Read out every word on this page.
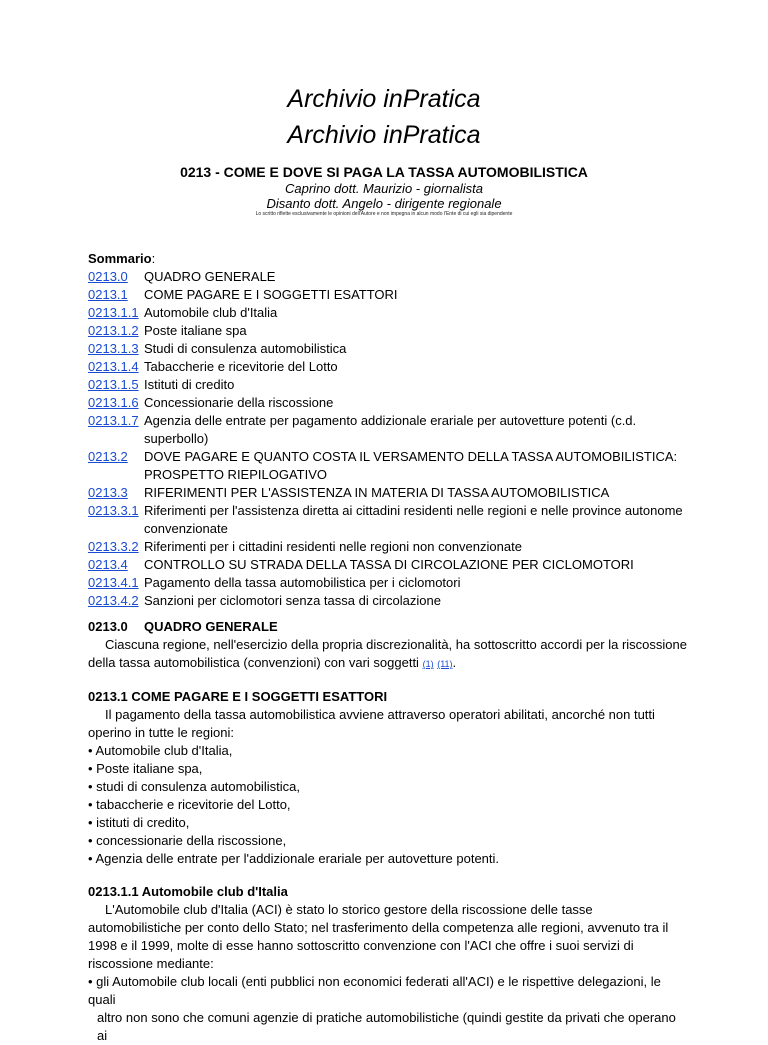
Archivio inPratica
Archivio inPratica
0213 - COME E DOVE SI PAGA LA TASSA AUTOMOBILISTICA
Caprino dott. Maurizio - giornalista
Disanto dott. Angelo - dirigente regionale
Lo scritto riflette esclusivamente le opinioni dell'Autore e non impegna in alcun modo l'Ente di cui egli sia dipendente
Sommario:
0213.0	QUADRO GENERALE
0213.1	COME PAGARE E I SOGGETTI ESATTORI
0213.1.1 Automobile club d'Italia
0213.1.2 Poste italiane spa
0213.1.3 Studi di consulenza automobilistica
0213.1.4 Tabaccherie e ricevitorie del Lotto
0213.1.5 Istituti di credito
0213.1.6 Concessionarie della riscossione
0213.1.7 Agenzia delle entrate per pagamento addizionale erariale per autovetture potenti (c.d. superbollo)
0213.2	DOVE PAGARE E QUANTO COSTA IL VERSAMENTO DELLA TASSA AUTOMOBILISTICA: PROSPETTO RIEPILOGATIVO
0213.3	RIFERIMENTI PER L'ASSISTENZA IN MATERIA DI TASSA AUTOMOBILISTICA
0213.3.1 Riferimenti per l'assistenza diretta ai cittadini residenti nelle regioni e nelle province autonome convenzionate
0213.3.2 Riferimenti per i cittadini residenti nelle regioni non convenzionate
0213.4	CONTROLLO SU STRADA DELLA TASSA DI CIRCOLAZIONE PER CICLOMOTORI
0213.4.1 Pagamento della tassa automobilistica per i ciclomotori
0213.4.2 Sanzioni per ciclomotori senza tassa di circolazione
0213.0 QUADRO GENERALE
Ciascuna regione, nell'esercizio della propria discrezionalità, ha sottoscritto accordi per la riscossione della tassa automobilistica (convenzioni) con vari soggetti (1) (11).
0213.1 COME PAGARE E I SOGGETTI ESATTORI
Il pagamento della tassa automobilistica avviene attraverso operatori abilitati, ancorché non tutti operino in tutte le regioni:
• Automobile club d'Italia,
• Poste italiane spa,
• studi di consulenza automobilistica,
• tabaccherie e ricevitorie del Lotto,
• istituti di credito,
• concessionarie della riscossione,
• Agenzia delle entrate per l'addizionale erariale per autovetture potenti.
0213.1.1 Automobile club d'Italia
L'Automobile club d'Italia (ACI) è stato lo storico gestore della riscossione delle tasse automobilistiche per conto dello Stato; nel trasferimento della competenza alle regioni, avvenuto tra il 1998 e il 1999, molte di esse hanno sottoscritto convenzione con l'ACI che offre i suoi servizi di riscossione mediante:
• gli Automobile club locali (enti pubblici non economici federati all'ACI) e le rispettive delegazioni, le quali
altro non sono che comuni agenzie di pratiche automobilistiche (quindi gestite da privati che operano ai
